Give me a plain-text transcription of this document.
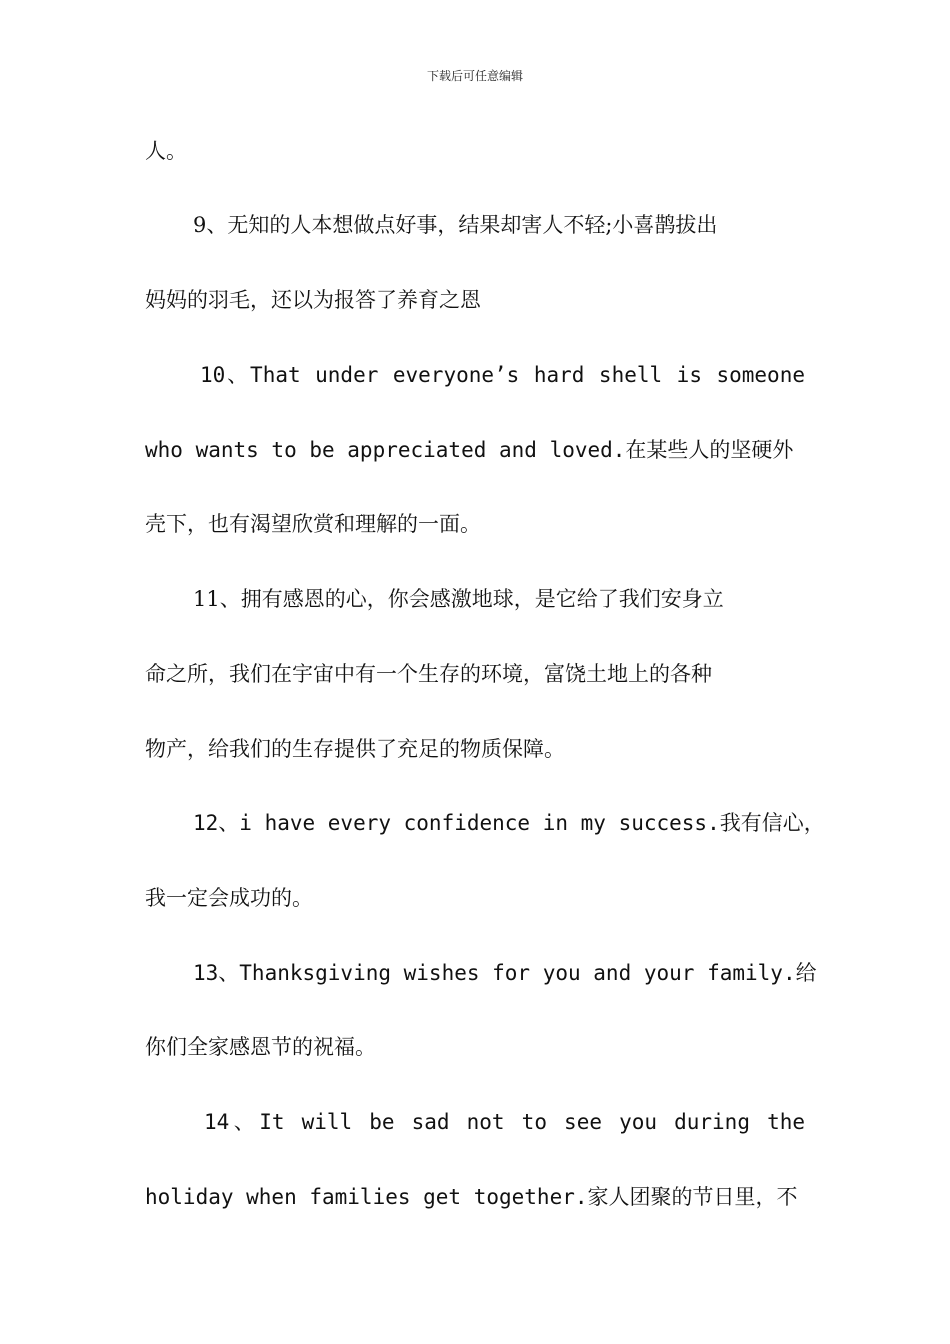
下载后可任意编辑
人。
9、无知的人本想做点好事，结果却害人不轻;小喜鹊拔出
妈妈的羽毛，还以为报答了养育之恩
10、That under everyone’s hard shell is someone
who wants to be appreciated and loved.在某些人的坚硬外
壳下，也有渴望欣赏和理解的一面。
11、拥有感恩的心，你会感激地球，是它给了我们安身立
命之所，我们在宇宙中有一个生存的环境，富饶土地上的各种
物产，给我们的生存提供了充足的物质保障。
12、i have every confidence in my success.我有信心，
我一定会成功的。
13、Thanksgiving wishes for you and your family.给
你们全家感恩节的祝福。
14、It will be sad not to see you during the
holiday when families get together.家人团聚的节日里，不
